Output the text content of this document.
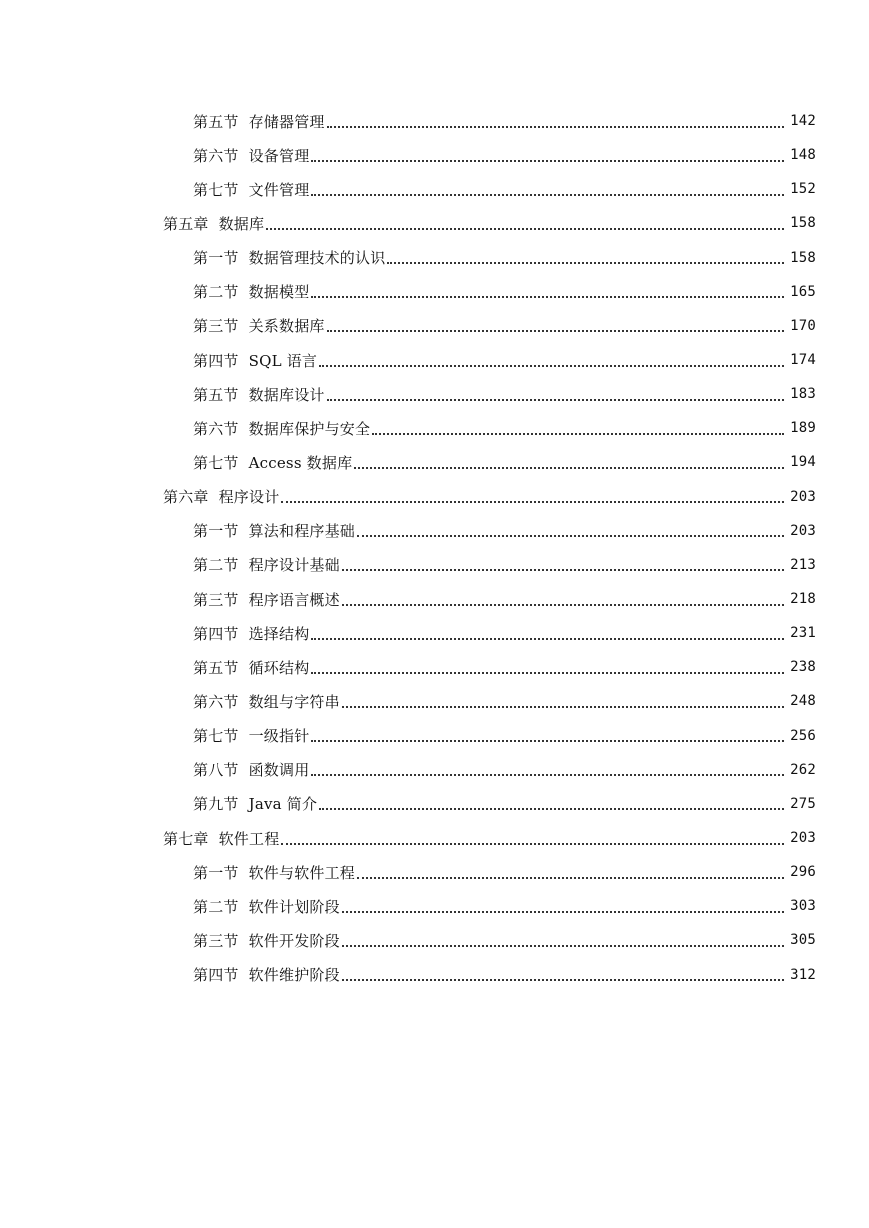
第五节 存储器管理	142
第六节 设备管理	148
第七节 文件管理	152
第五章 数据库	158
第一节 数据管理技术的认识	158
第二节 数据模型	165
第三节 关系数据库	170
第四节 SQL 语言	174
第五节 数据库设计	183
第六节 数据库保护与安全	189
第七节 Access 数据库	194
第六章 程序设计	203
第一节 算法和程序基础	203
第二节 程序设计基础	213
第三节 程序语言概述	218
第四节 选择结构	231
第五节 循环结构	238
第六节 数组与字符串	248
第七节 一级指针	256
第八节 函数调用	262
第九节 Java 简介	275
第七章 软件工程	203
第一节 软件与软件工程	296
第二节 软件计划阶段	303
第三节 软件开发阶段	305
第四节 软件维护阶段	312
